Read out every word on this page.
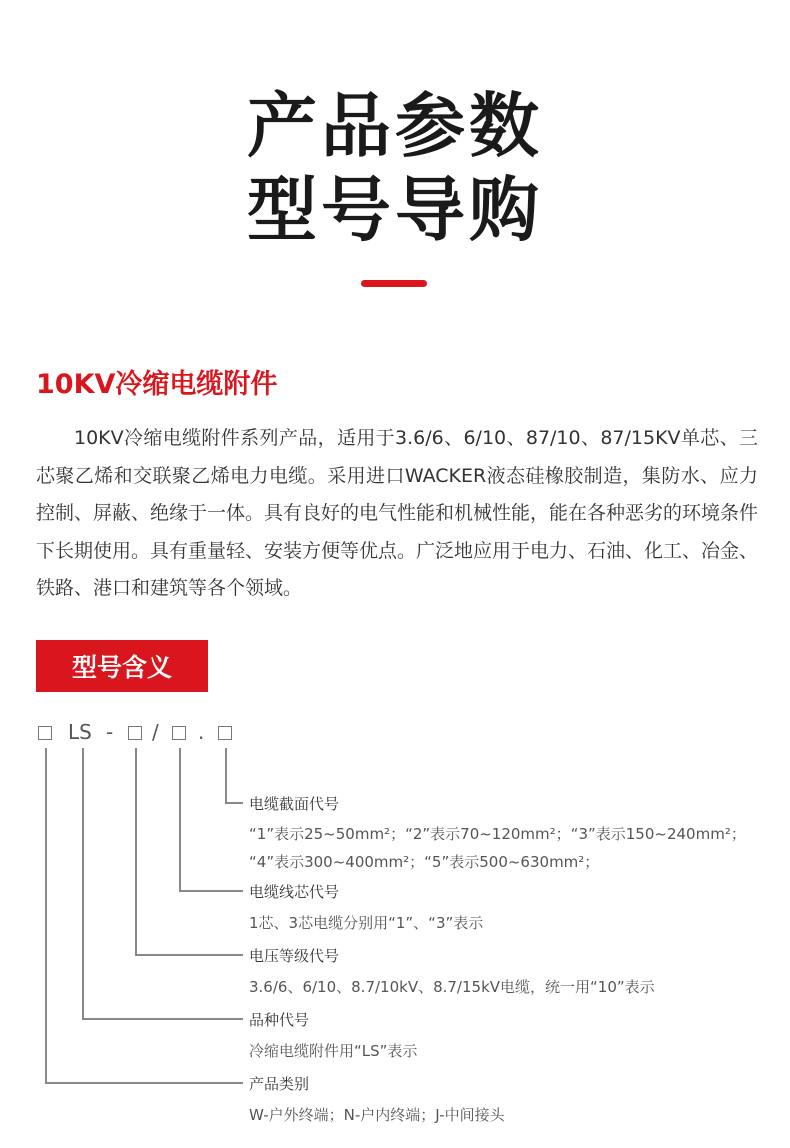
产品参数
型号导购
10KV冷缩电缆附件

10KV冷缩电缆附件系列产品，适用于3.6/6、6/10、87/10、87/15KV单芯、三芯聚乙烯和交联聚乙烯电力电缆。采用进口WACKER液态硅橡胶制造，集防水、应力控制、屏蔽、绝缘于一体。具有良好的电气性能和机械性能，能在各种恶劣的环境条件下长期使用。具有重量轻、安装方便等优点。广泛地应用于电力、石油、化工、冶金、铁路、港口和建筑等各个领域。

型号含义
LS - / .
电缆截面代号
“1”表示25~50mm²；“2”表示70~120mm²；“3”表示150~240mm²；
“4”表示300~400mm²；“5”表示500~630mm²；
电缆线芯代号
1芯、3芯电缆分别用“1”、“3”表示
电压等级代号
3.6/6、6/10、8.7/10kV、8.7/15kV电缆，统一用“10”表示
品种代号
冷缩电缆附件用“LS”表示
产品类别
W-户外终端；N-户内终端；J-中间接头
